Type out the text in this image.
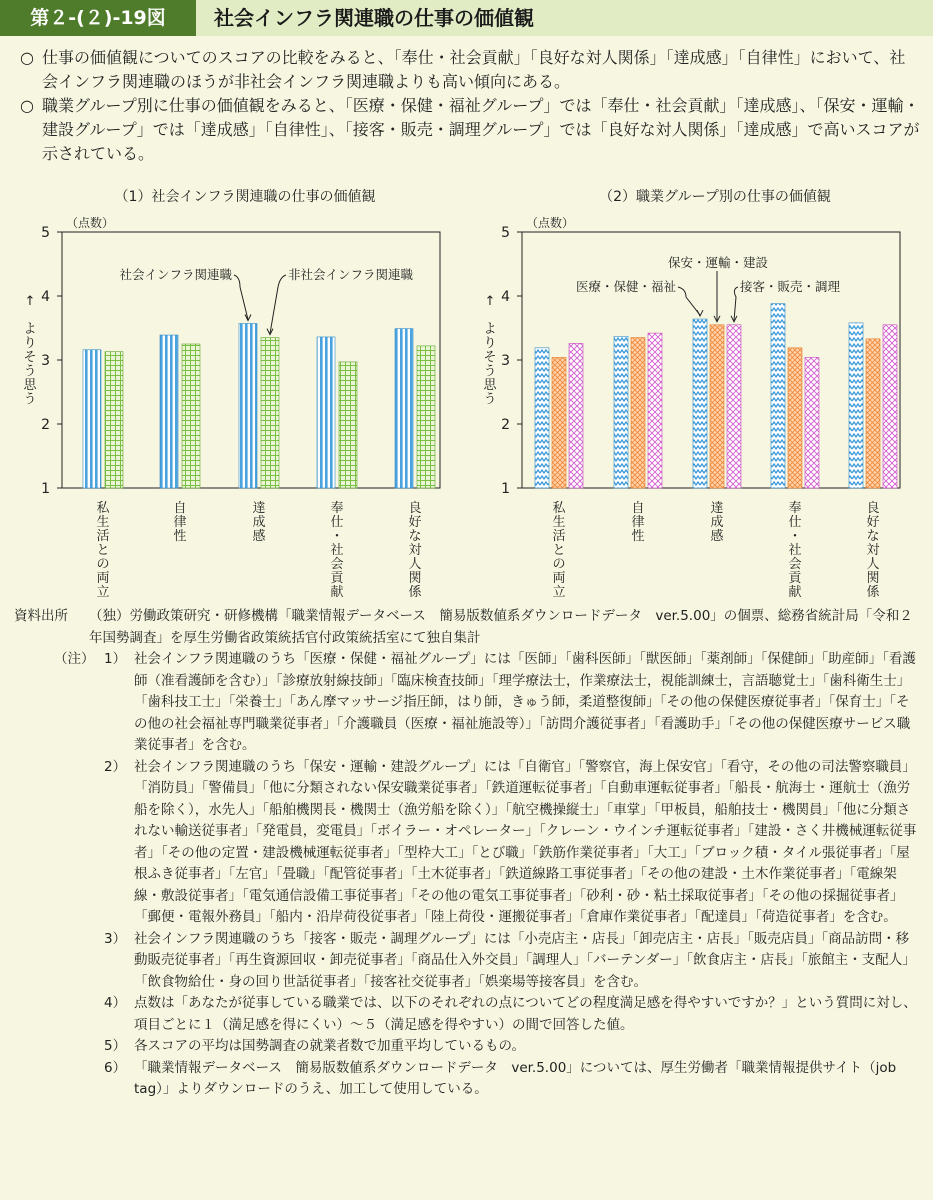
第２-(２)-19図	社会インフラ関連職の仕事の価値観
○ 仕事の価値観についてのスコアの比較をみると、「奉仕・社会貢献」「良好な対人関係」「達成感」「自律性」において、社会インフラ関連職のほうが非社会インフラ関連職よりも高い傾向にある。
○ 職業グループ別に仕事の価値観をみると、「医療・保健・福祉グループ」では「奉仕・社会貢献」「達成感」、「保安・運輸・建設グループ」では「達成感」「自律性」、「接客・販売・調理グループ」では「良好な対人関係」「達成感」で高いスコアが示されている。
（1）社会インフラ関連職の仕事の価値観	（2）職業グループ別の仕事の価値観
（点数）
1
2
3
4
5
↑ よりそう思う
私生活との両立
自律性
達成感
奉仕･社会貢献
良好な対人関係
社会インフラ関連職	非社会インフラ関連職
（点数）
1
2
3
4
5
↑ よりそう思う
私生活との両立
自律性
達成感
奉仕･社会貢献
良好な対人関係
医療・保健・福祉
保安・運輸・建設
接客・販売・調理
資料出所 （独）労働政策研究・研修機構「職業情報データベース　簡易版数値系ダウンロードデータ　ver.5.00」の個票、総務省統計局「令和２年国勢調査」を厚生労働省政策統括官付政策統括室にて独自集計
（注） 1） 社会インフラ関連職のうち「医療・保健・福祉グループ」には「医師」「歯科医師」「獣医師」「薬剤師」「保健師」「助産師」「看護師（准看護師を含む）」「診療放射線技師」「臨床検査技師」「理学療法士，作業療法士，視能訓練士，言語聴覚士」「歯科衛生士」「歯科技工士」「栄養士」「あん摩マッサージ指圧師，はり師，きゅう師，柔道整復師」「その他の保健医療従事者」「保育士」「その他の社会福祉専門職業従事者」「介護職員（医療・福祉施設等）」「訪問介護従事者」「看護助手」「その他の保健医療サービス職業従事者」を含む。
2） 社会インフラ関連職のうち「保安・運輸・建設グループ」には「自衛官」「警察官，海上保安官」「看守，その他の司法警察職員」「消防員」「警備員」「他に分類されない保安職業従事者」「鉄道運転従事者」「自動車運転従事者」「船長・航海士・運航士（漁労船を除く），水先人」「船舶機関長・機関士（漁労船を除く）」「航空機操縦士」「車掌」「甲板員，船舶技士・機関員」「他に分類されない輸送従事者」「発電員，変電員」「ボイラー・オペレーター」「クレーン・ウインチ運転従事者」「建設・さく井機械運転従事者」「その他の定置・建設機械運転従事者」「型枠大工」「とび職」「鉄筋作業従事者」「大工」「ブロック積・タイル張従事者」「屋根ふき従事者」「左官」「畳職」「配管従事者」「土木従事者」「鉄道線路工事従事者」「その他の建設・土木作業従事者」「電線架線・敷設従事者」「電気通信設備工事従事者」「その他の電気工事従事者」「砂利・砂・粘土採取従事者」「その他の採掘従事者」「郵便・電報外務員」「船内・沿岸荷役従事者」「陸上荷役・運搬従事者」「倉庫作業従事者」「配達員」「荷造従事者」を含む。
3） 社会インフラ関連職のうち「接客・販売・調理グループ」には「小売店主・店長」「卸売店主・店長」「販売店員」「商品訪問・移動販売従事者」「再生資源回収・卸売従事者」「商品仕入外交員」「調理人」「バーテンダー」「飲食店主・店長」「旅館主・支配人」「飲食物給仕・身の回り世話従事者」「接客社交従事者」「娯楽場等接客員」を含む。
4） 点数は「あなたが従事している職業では、以下のそれぞれの点についてどの程度満足感を得やすいですか？」という質問に対し、項目ごとに１（満足感を得にくい）～５（満足感を得やすい）の間で回答した値。
5） 各スコアの平均は国勢調査の就業者数で加重平均しているもの。
6） 「職業情報データベース　簡易版数値系ダウンロードデータ　ver.5.00」については、厚生労働者「職業情報提供サイト（job tag）」よりダウンロードのうえ、加工して使用している。
